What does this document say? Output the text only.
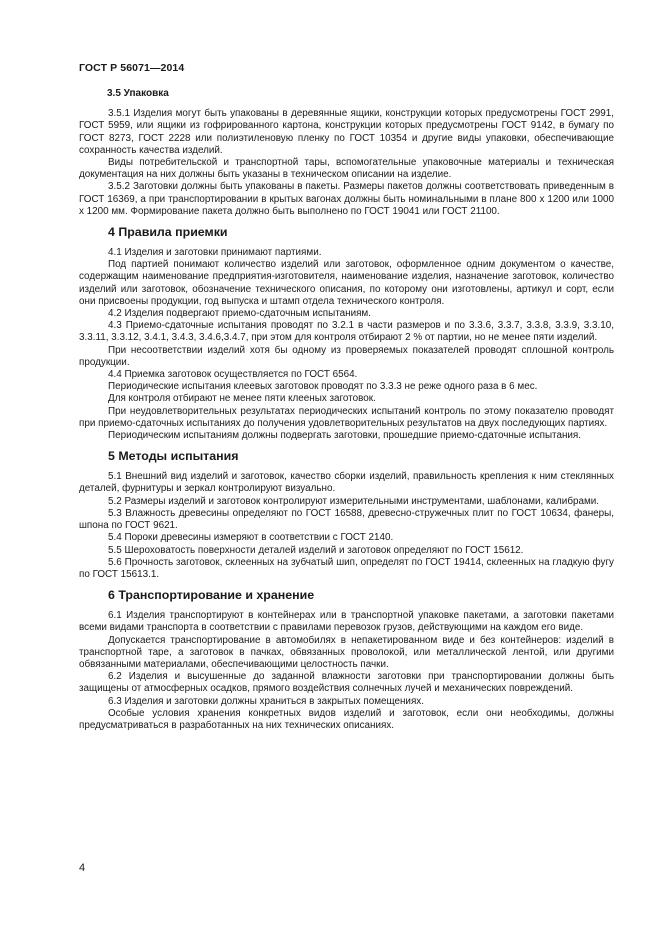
ГОСТ Р 56071—2014
3.5 Упаковка

3.5.1 Изделия могут быть упакованы в деревянные ящики, конструкции которых предусмотрены ГОСТ 2991, ГОСТ 5959, или ящики из гофрированного картона, конструкции которых предусмотрены ГОСТ 9142, в бумагу по ГОСТ 8273, ГОСТ 2228 или полиэтиленовую пленку по ГОСТ 10354 и другие виды упаковки, обеспечивающие сохранность качества изделий.

Виды потребительской и транспортной тары, вспомогательные упаковочные материалы и техническая документация на них должны быть указаны в техническом описании на изделие.

3.5.2 Заготовки должны быть упакованы в пакеты. Размеры пакетов должны соответствовать приведенным в ГОСТ 16369, а при транспортировании в крытых вагонах должны быть номинальными в плане 800 х 1200 или 1000 х 1200 мм. Формирование пакета должно быть выполнено по ГОСТ 19041 или ГОСТ 21100.

4 Правила приемки

4.1 Изделия и заготовки принимают партиями.

Под партией понимают количество изделий или заготовок, оформленное одним документом о качестве, содержащим наименование предприятия-изготовителя, наименование изделия, назначение заготовок, количество изделий или заготовок, обозначение технического описания, по которому они изготовлены, артикул и сорт, если они присвоены продукции, год выпуска и штамп отдела технического контроля.

4.2 Изделия подвергают приемо-сдаточным испытаниям.

4.3 Приемо-сдаточные испытания проводят по 3.2.1 в части размеров и по 3.3.6, 3.3.7, 3.3.8, 3.3.9, 3.3.10, 3.3.11, 3.3.12, 3.4.1, 3.4.3, 3.4.6,3.4.7, при этом для контроля отбирают 2 % от партии, но не менее пяти изделий.

При несоответствии изделий хотя бы одному из проверяемых показателей проводят сплошной контроль продукции.

4.4 Приемка заготовок осуществляется по ГОСТ 6564.

Периодические испытания клеевых заготовок проводят по 3.3.3 не реже одного раза в 6 мес.

Для контроля отбирают не менее пяти клееных заготовок.

При неудовлетворительных результатах периодических испытаний контроль по этому показателю проводят при приемо-сдаточных испытаниях до получения удовлетворительных результатов на двух последующих партиях.

Периодическим испытаниям должны подвергать заготовки, прошедшие приемо-сдаточные испытания.

5 Методы испытания

5.1 Внешний вид изделий и заготовок, качество сборки изделий, правильность крепления к ним стеклянных деталей, фурнитуры и зеркал контролируют визуально.

5.2 Размеры изделий и заготовок контролируют измерительными инструментами, шаблонами, калибрами.

5.3 Влажность древесины определяют по ГОСТ 16588, древесно-стружечных плит по ГОСТ 10634, фанеры, шпона по ГОСТ 9621.

5.4 Пороки древесины измеряют в соответствии с ГОСТ 2140.

5.5 Шероховатость поверхности деталей изделий и заготовок определяют по ГОСТ 15612.

5.6 Прочность заготовок, склеенных на зубчатый шип, определят по ГОСТ 19414, склеенных на гладкую фугу по ГОСТ 15613.1.

6 Транспортирование и хранение

6.1 Изделия транспортируют в контейнерах или в транспортной упаковке пакетами, а заготовки пакетами всеми видами транспорта в соответствии с правилами перевозок грузов, действующими на каждом его виде.

Допускается транспортирование в автомобилях в непакетированном виде и без контейнеров: изделий в транспортной таре, а заготовок в пачках, обвязанных проволокой, или металлической лентой, или другими обвязанными материалами, обеспечивающими целостность пачки.

6.2 Изделия и высушенные до заданной влажности заготовки при транспортировании должны быть защищены от атмосферных осадков, прямого воздействия солнечных лучей и механических повреждений.

6.3 Изделия и заготовки должны храниться в закрытых помещениях.

Особые условия хранения конкретных видов изделий и заготовок, если они необходимы, должны предусматриваться в разработанных на них технических описаниях.

4
